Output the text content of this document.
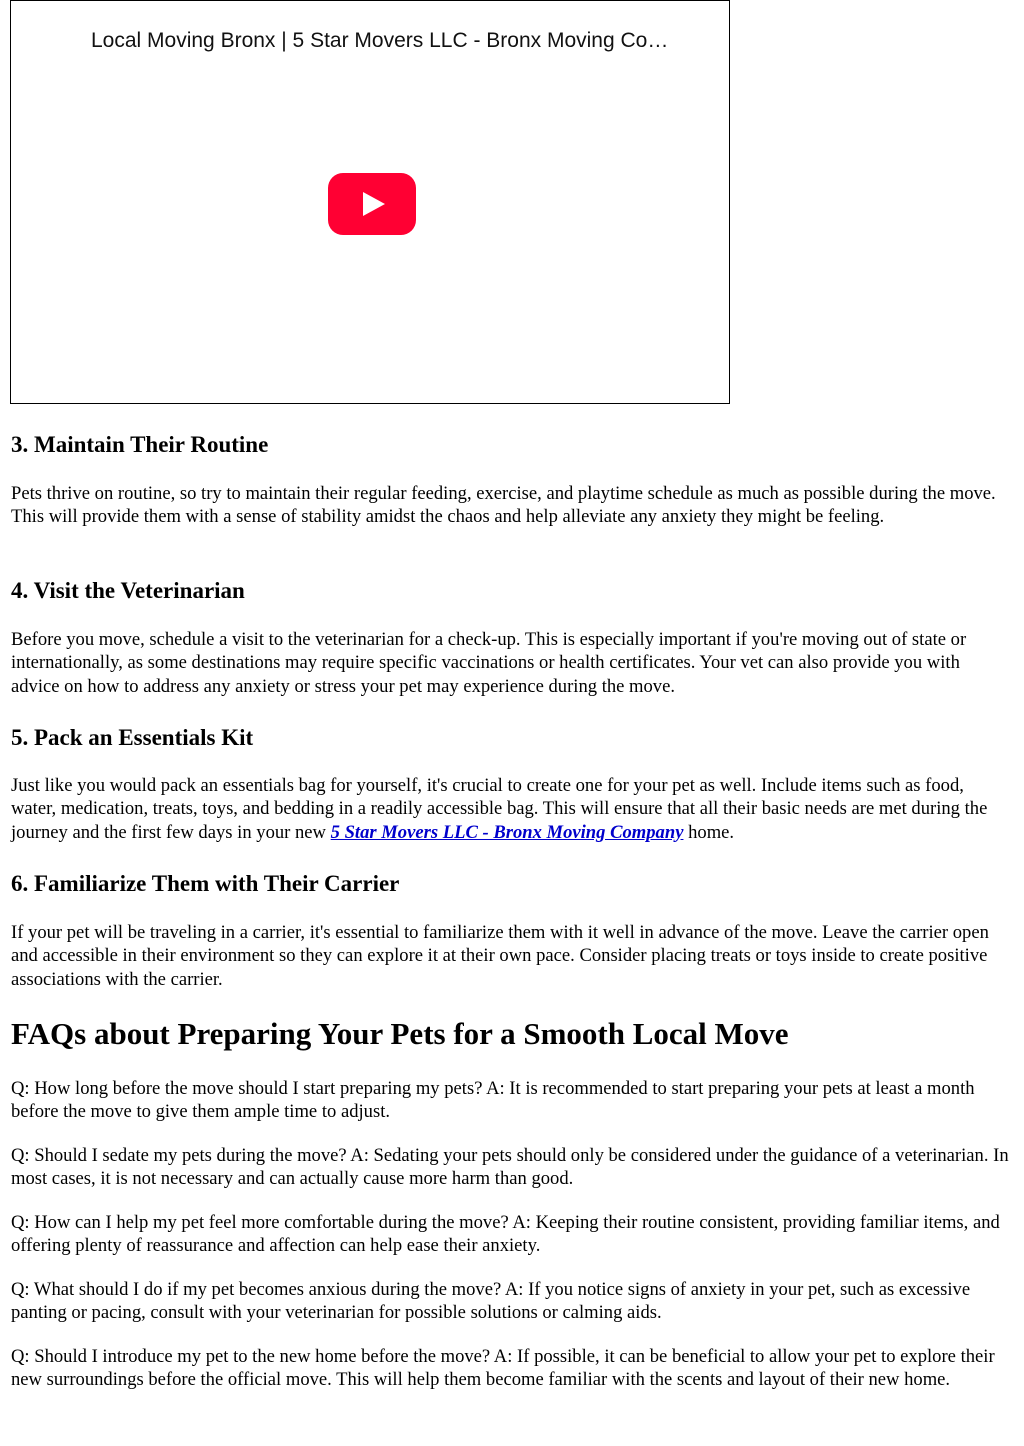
Local Moving Bronx | 5 Star Movers LLC - Bronx Moving Co…
3. Maintain Their Routine

Pets thrive on routine, so try to maintain their regular feeding, exercise, and playtime schedule as much as possible during the move. This will provide them with a sense of stability amidst the chaos and help alleviate any anxiety they might be feeling.

4. Visit the Veterinarian

Before you move, schedule a visit to the veterinarian for a check-up. This is especially important if you're moving out of state or internationally, as some destinations may require specific vaccinations or health certificates. Your vet can also provide you with advice on how to address any anxiety or stress your pet may experience during the move.

5. Pack an Essentials Kit

Just like you would pack an essentials bag for yourself, it's crucial to create one for your pet as well. Include items such as food, water, medication, treats, toys, and bedding in a readily accessible bag. This will ensure that all their basic needs are met during the journey and the first few days in your new 5 Star Movers LLC - Bronx Moving Company home.

6. Familiarize Them with Their Carrier

If your pet will be traveling in a carrier, it's essential to familiarize them with it well in advance of the move. Leave the carrier open and accessible in their environment so they can explore it at their own pace. Consider placing treats or toys inside to create positive associations with the carrier.

FAQs about Preparing Your Pets for a Smooth Local Move

Q: How long before the move should I start preparing my pets? A: It is recommended to start preparing your pets at least a month before the move to give them ample time to adjust.

Q: Should I sedate my pets during the move? A: Sedating your pets should only be considered under the guidance of a veterinarian. In most cases, it is not necessary and can actually cause more harm than good.

Q: How can I help my pet feel more comfortable during the move? A: Keeping their routine consistent, providing familiar items, and offering plenty of reassurance and affection can help ease their anxiety.

Q: What should I do if my pet becomes anxious during the move? A: If you notice signs of anxiety in your pet, such as excessive panting or pacing, consult with your veterinarian for possible solutions or calming aids.

Q: Should I introduce my pet to the new home before the move? A: If possible, it can be beneficial to allow your pet to explore their new surroundings before the official move. This will help them become familiar with the scents and layout of their new home.
